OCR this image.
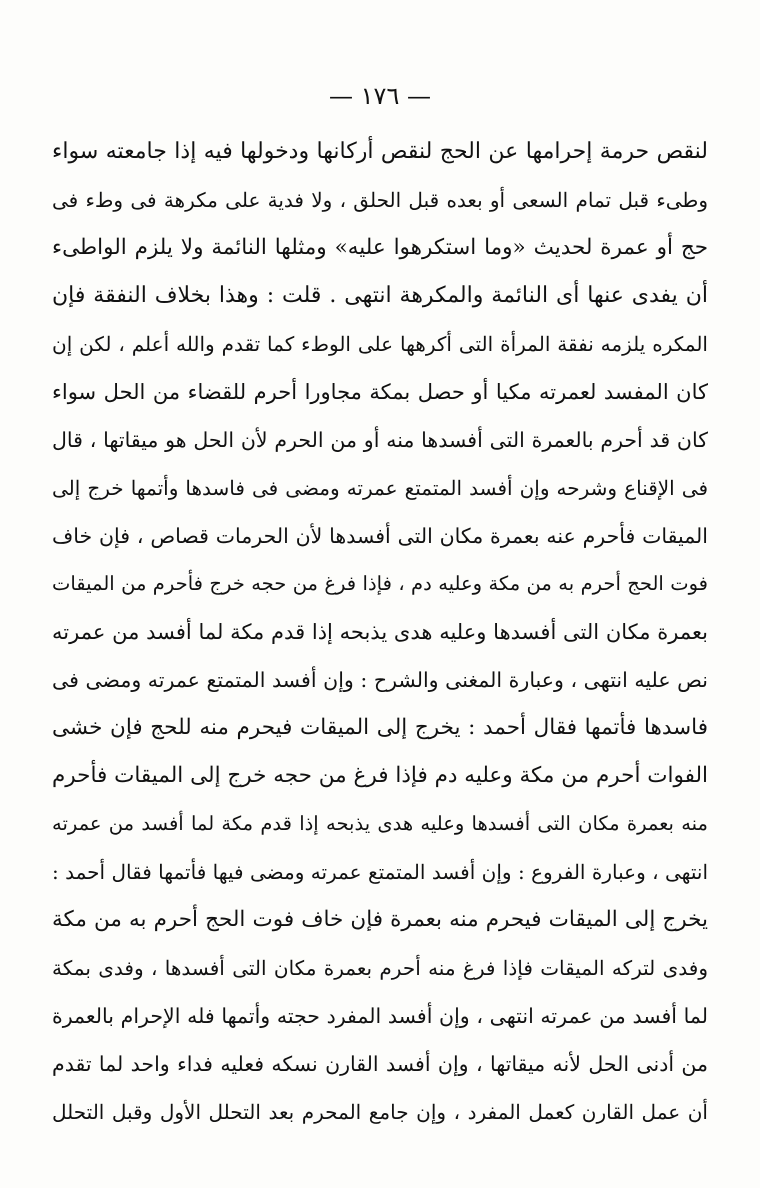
— ١٧٦ —
لنقص حرمة إحرامها عن الحج لنقص أركانها ودخولها فيه إذا جامعته سواء
وطىء قبل تمام السعى أو بعده قبل الحلق ، ولا فدية على مكرهة فى وطء فى
حج أو عمرة لحديث «وما استكرهوا عليه» ومثلها النائمة ولا يلزم الواطىء
أن يفدى عنها أى النائمة والمكرهة انتهى . قلت : وهذا بخلاف النفقة فإن
المكره يلزمه نفقة المرأة التى أكرهها على الوطء كما تقدم والله أعلم ، لكن إن
كان المفسد لعمرته مكيا أو حصل بمكة مجاورا أحرم للقضاء من الحل سواء
كان قد أحرم بالعمرة التى أفسدها منه أو من الحرم لأن الحل هو ميقاتها ، قال
فى الإقناع وشرحه وإن أفسد المتمتع عمرته ومضى فى فاسدها وأتمها خرج إلى
الميقات فأحرم عنه بعمرة مكان التى أفسدها لأن الحرمات قصاص ، فإن خاف
فوت الحج أحرم به من مكة وعليه دم ، فإذا فرغ من حجه خرج فأحرم من الميقات
بعمرة مكان التى أفسدها وعليه هدى يذبحه إذا قدم مكة لما أفسد من عمرته
نص عليه انتهى ، وعبارة المغنى والشرح : وإن أفسد المتمتع عمرته ومضى فى
فاسدها فأتمها فقال أحمد : يخرج إلى الميقات فيحرم منه للحج فإن خشى
الفوات أحرم من مكة وعليه دم فإذا فرغ من حجه خرج إلى الميقات فأحرم
منه بعمرة مكان التى أفسدها وعليه هدى يذبحه إذا قدم مكة لما أفسد من عمرته
انتهى ، وعبارة الفروع : وإن أفسد المتمتع عمرته ومضى فيها فأتمها فقال أحمد :
يخرج إلى الميقات فيحرم منه بعمرة فإن خاف فوت الحج أحرم به من مكة
وفدى لتركه الميقات فإذا فرغ منه أحرم بعمرة مكان التى أفسدها ، وفدى بمكة
لما أفسد من عمرته انتهى ، وإن أفسد المفرد حجته وأتمها فله الإحرام بالعمرة
من أدنى الحل لأنه ميقاتها ، وإن أفسد القارن نسكه فعليه فداء واحد لما تقدم
أن عمل القارن كعمل المفرد ، وإن جامع المحرم بعد التحلل الأول وقبل التحلل
